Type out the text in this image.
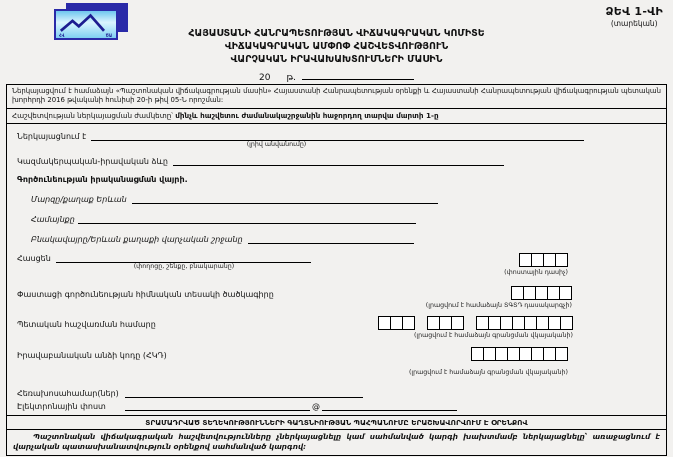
ՀՎ	ԾԱ
ՁԵՎ 1-ՎԻ
(տարեկան)
ՀԱՅԱՍՏԱՆԻ ՀԱՆՐԱՊԵՏՈՒԹՅԱՆ ՎԻՃԱԿԱԳՐԱԿԱՆ ԿՈՄԻՏԵ
ՎԻՃԱԿԱԳՐԱԿԱՆ ԱՄՓՈՓ ՀԱՇՎԵՏՎՈՒԹՅՈՒՆ
ՎԱՐՉԱԿԱՆ ԻՐԱՎԱԽԱԽՏՈՒՄՆԵՐԻ ՄԱՍԻՆ
20 թ.
Ներկայացվում է համաձայն «Պաշտոնական վիճակագրության մասին» Հայաստանի Հանրապետության օրենքի և Հայաստանի Հանրապետության վիճակագրության պետական խորհրդի 2016 թվականի հունիսի 20-ի թիվ 05-Ն որոշման:
Հաշվետվության ներկայացման ժամկետը՝ մինչև հաշվետու ժամանակաշրջանին հաջորդող տարվա մարտի 1-ը
Ներկայացնում է
(լրիվ անվանումը)
Կազմակերպական-իրավական ձևը
Գործունեության իրականացման վայրի.
Մարզը/քաղաք Երևան
Համայնքը
Բնակավայրը/Երևան քաղաքի վարչական շրջանը
Հասցեն
(փողոցը, շենքը, բնակարանը)
(փոստային դասիչ)
Փաստացի գործունեության հիմնական տեսակի ծածկագիրը
(լրացվում է համաձայն ՏԳՏԴ դասակարգչի)
Պետական հաշվառման համարը
(լրացվում է համաձայն գրանցման վկայականի)
Իրավաբանական անձի կոդը (ՀԿԴ)
(լրացվում է համաձայն գրանցման վկայականի)
Հեռախոսահամար(ներ)
Էլեկտրոնային փոստ	@
ՏՐԱՄԱԴՐՎԱԾ ՏԵՂԵԿՈՒԹՅՈՒՆՆԵՐԻ ԳԱՂՏՆԻՈՒԹՅԱՆ ՊԱՀՊԱՆՈՒՄԸ ԵՐԱՇԽԱՎՈՐՎՈՒՄ Է ՕՐԵՆՔՈՎ
Պաշտոնական վիճակագրական հաշվետվությունները չներկայացնելը կամ սահմանված կարգի խախտմամբ ներկայացնելը՝ առաջացնում է վարչական պատասխանատվություն օրենքով սահմանված կարգով:
